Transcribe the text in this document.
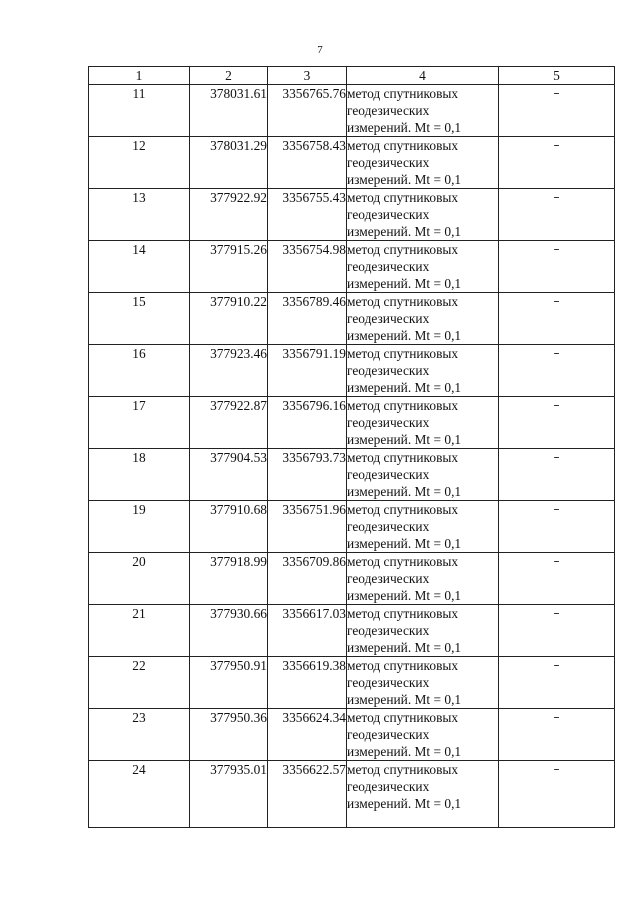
7
1	2	3	4	5
11	378031.61	3356765.76	метод спутниковых
геодезических
измерений. Mt = 0,1	–
12	378031.29	3356758.43	метод спутниковых
геодезических
измерений. Mt = 0,1	–
13	377922.92	3356755.43	метод спутниковых
геодезических
измерений. Mt = 0,1	–
14	377915.26	3356754.98	метод спутниковых
геодезических
измерений. Mt = 0,1	–
15	377910.22	3356789.46	метод спутниковых
геодезических
измерений. Mt = 0,1	–
16	377923.46	3356791.19	метод спутниковых
геодезических
измерений. Mt = 0,1	–
17	377922.87	3356796.16	метод спутниковых
геодезических
измерений. Mt = 0,1	–
18	377904.53	3356793.73	метод спутниковых
геодезических
измерений. Mt = 0,1	–
19	377910.68	3356751.96	метод спутниковых
геодезических
измерений. Mt = 0,1	–
20	377918.99	3356709.86	метод спутниковых
геодезических
измерений. Mt = 0,1	–
21	377930.66	3356617.03	метод спутниковых
геодезических
измерений. Mt = 0,1	–
22	377950.91	3356619.38	метод спутниковых
геодезических
измерений. Mt = 0,1	–
23	377950.36	3356624.34	метод спутниковых
геодезических
измерений. Mt = 0,1	–
24	377935.01	3356622.57	метод спутниковых
геодезических
измерений. Mt = 0,1	–
